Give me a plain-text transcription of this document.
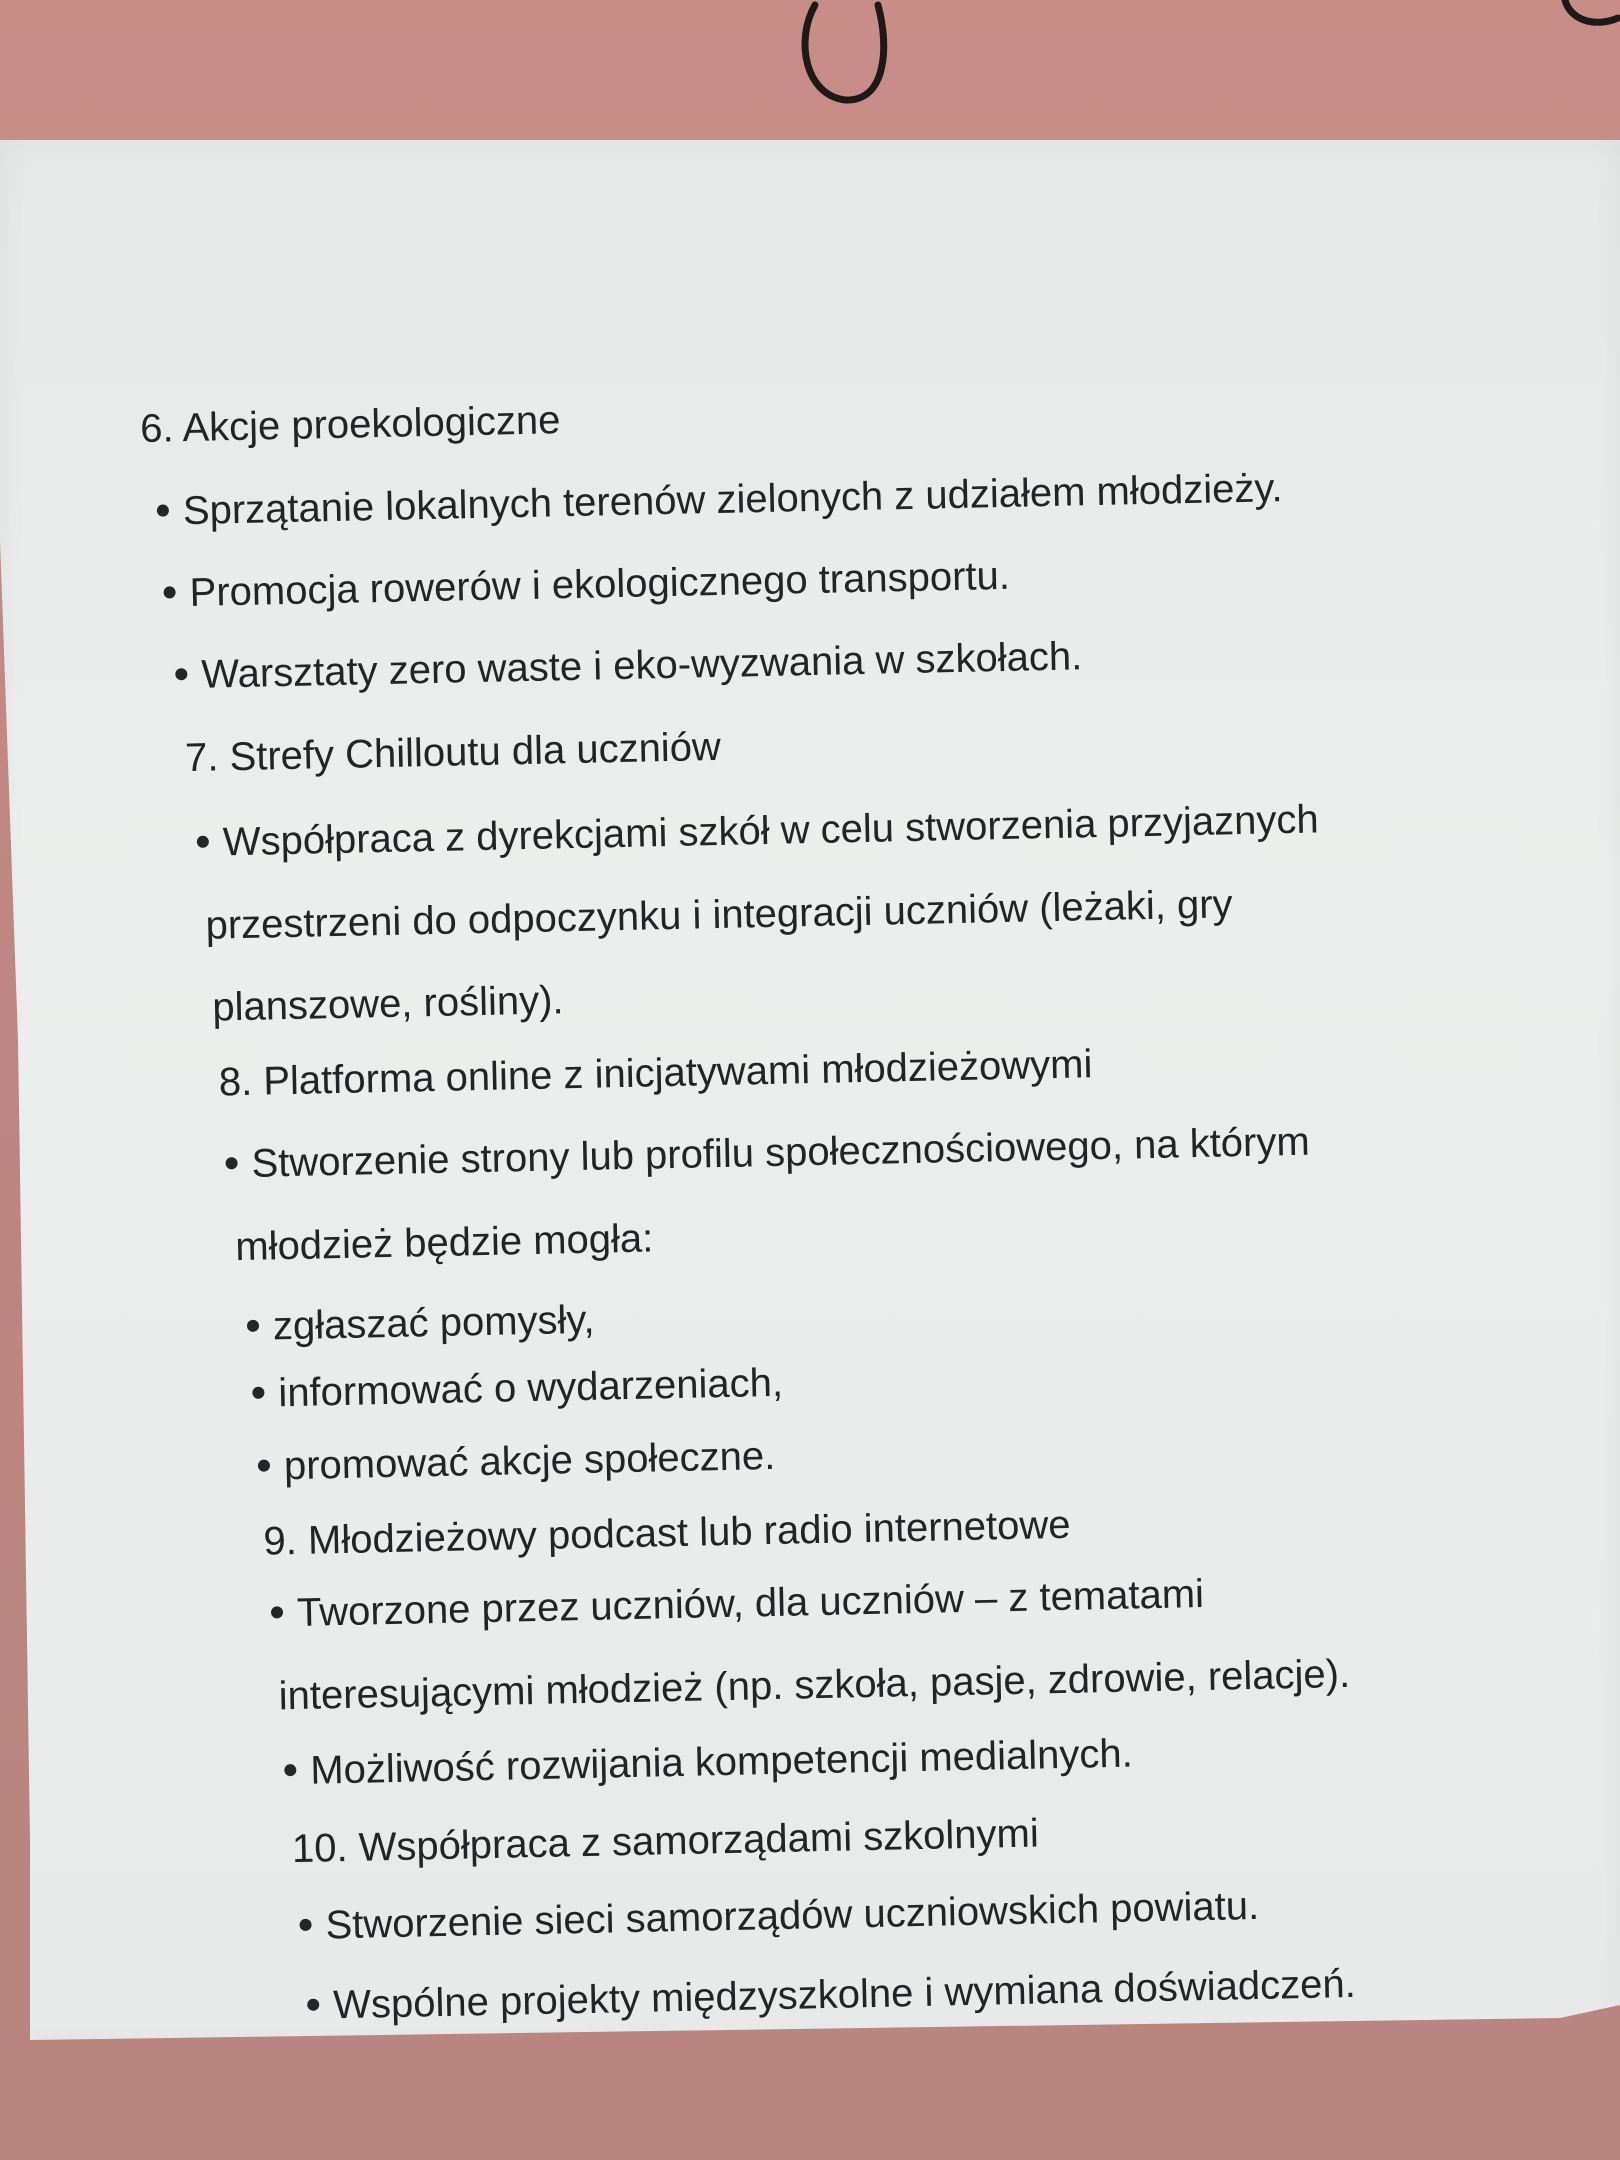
6. Akcje proekologiczne
Sprzątanie lokalnych terenów zielonych z udziałem młodzieży.
Promocja rowerów i ekologicznego transportu.
Warsztaty zero waste i eko-wyzwania w szkołach.
7. Strefy Chilloutu dla uczniów
Współpraca z dyrekcjami szkół w celu stworzenia przyjaznych
przestrzeni do odpoczynku i integracji uczniów (leżaki, gry
planszowe, rośliny).
8. Platforma online z inicjatywami młodzieżowymi
Stworzenie strony lub profilu społecznościowego, na którym
młodzież będzie mogła:
zgłaszać pomysły,
informować o wydarzeniach,
promować akcje społeczne.
9. Młodzieżowy podcast lub radio internetowe
Tworzone przez uczniów, dla uczniów – z tematami
interesującymi młodzież (np. szkoła, pasje, zdrowie, relacje).
Możliwość rozwijania kompetencji medialnych.
10. Współpraca z samorządami szkolnymi
Stworzenie sieci samorządów uczniowskich powiatu.
Wspólne projekty międzyszkolne i wymiana doświadczeń.
